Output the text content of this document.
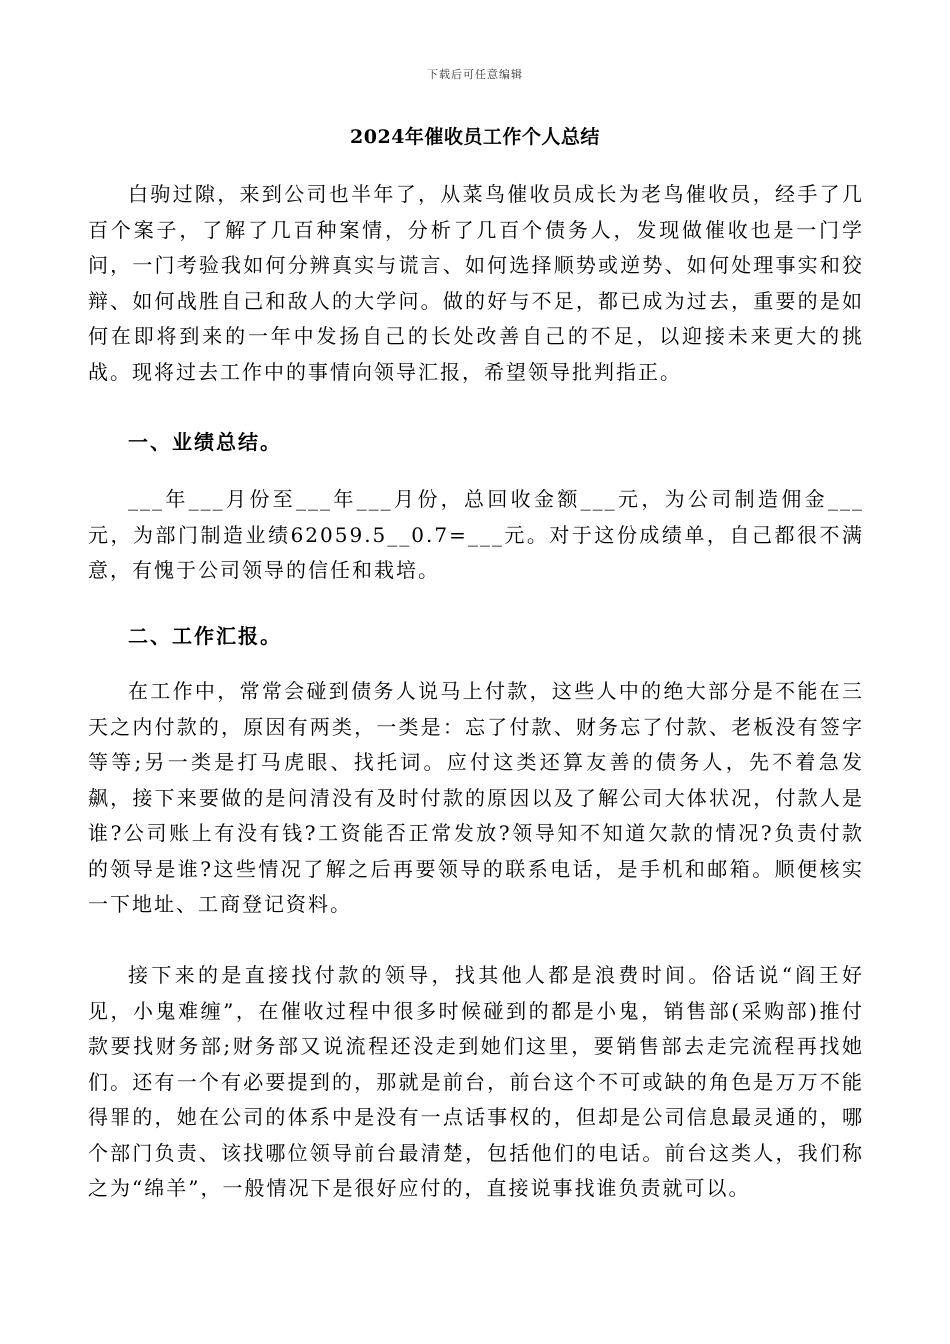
下载后可任意编辑
2024年催收员工作个人总结
白驹过隙，来到公司也半年了，从菜鸟催收员成长为老鸟催收员，经手了几百个案子，了解了几百种案情，分析了几百个债务人，发现做催收也是一门学问，一门考验我如何分辨真实与谎言、如何选择顺势或逆势、如何处理事实和狡辩、如何战胜自己和敌人的大学问。做的好与不足，都已成为过去，重要的是如何在即将到来的一年中发扬自己的长处改善自己的不足，以迎接未来更大的挑战。现将过去工作中的事情向领导汇报，希望领导批判指正。
一、业绩总结。
___年___月份至___年___月份，总回收金额___元，为公司制造佣金___元，为部门制造业绩62059.5__0.7=___元。对于这份成绩单，自己都很不满意，有愧于公司领导的信任和栽培。
二、工作汇报。
在工作中，常常会碰到债务人说马上付款，这些人中的绝大部分是不能在三天之内付款的，原因有两类，一类是：忘了付款、财务忘了付款、老板没有签字等等;另一类是打马虎眼、找托词。应付这类还算友善的债务人，先不着急发飙，接下来要做的是问清没有及时付款的原因以及了解公司大体状况，付款人是谁?公司账上有没有钱?工资能否正常发放?领导知不知道欠款的情况?负责付款的领导是谁?这些情况了解之后再要领导的联系电话，是手机和邮箱。顺便核实一下地址、工商登记资料。
接下来的是直接找付款的领导，找其他人都是浪费时间。俗话说“阎王好见，小鬼难缠”，在催收过程中很多时候碰到的都是小鬼，销售部(采购部)推付款要找财务部;财务部又说流程还没走到她们这里，要销售部去走完流程再找她们。还有一个有必要提到的，那就是前台，前台这个不可或缺的角色是万万不能得罪的，她在公司的体系中是没有一点话事权的，但却是公司信息最灵通的，哪个部门负责、该找哪位领导前台最清楚，包括他们的电话。前台这类人，我们称之为“绵羊”，一般情况下是很好应付的，直接说事找谁负责就可以。
